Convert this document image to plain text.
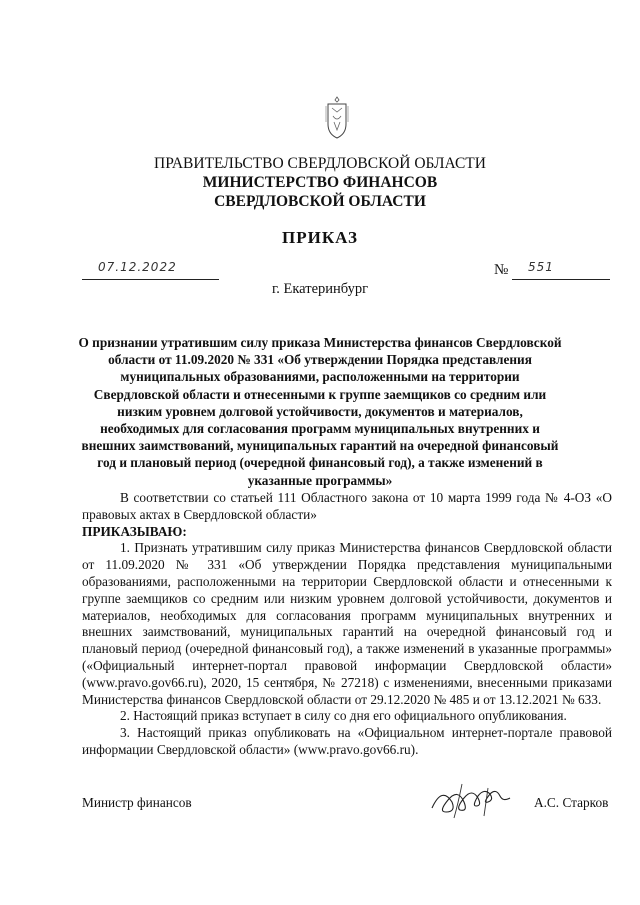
ПРАВИТЕЛЬСТВО СВЕРДЛОВСКОЙ ОБЛАСТИ
МИНИСТЕРСТВО ФИНАНСОВ
СВЕРДЛОВСКОЙ ОБЛАСТИ
ПРИКАЗ
07.12.2022	№ 551
г. Екатеринбург
О признании утратившим силу приказа Министерства финансов Свердловской области от 11.09.2020 № 331 «Об утверждении Порядка представления муниципальных образованиями, расположенными на территории Свердловской области и отнесенными к группе заемщиков со средним или низким уровнем долговой устойчивости, документов и материалов, необходимых для согласования программ муниципальных внутренних и внешних заимствований, муниципальных гарантий на очередной финансовый год и плановый период (очередной финансовый год), а также изменений в указанные программы»

В соответствии со статьей 111 Областного закона от 10 марта 1999 года № 4-ОЗ «О правовых актах в Свердловской области»

ПРИКАЗЫВАЮ:

1. Признать утратившим силу приказ Министерства финансов Свердловской области от 11.09.2020 № 331 «Об утверждении Порядка представления муниципальными образованиями, расположенными на территории Свердловской области и отнесенными к группе заемщиков со средним или низким уровнем долговой устойчивости, документов и материалов, необходимых для согласования программ муниципальных внутренних и внешних заимствований, муниципальных гарантий на очередной финансовый год и плановый период (очередной финансовый год), а также изменений в указанные программы» («Официальный интернет-портал правовой информации Свердловской области» (www.pravo.gov66.ru), 2020, 15 сентября, № 27218) с изменениями, внесенными приказами Министерства финансов Свердловской области от 29.12.2020 № 485 и от 13.12.2021 № 633.

2. Настоящий приказ вступает в силу со дня его официального опубликования.

3. Настоящий приказ опубликовать на «Официальном интернет-портале правовой информации Свердловской области» (www.pravo.gov66.ru).

Министр финансов	А.С. Старков
